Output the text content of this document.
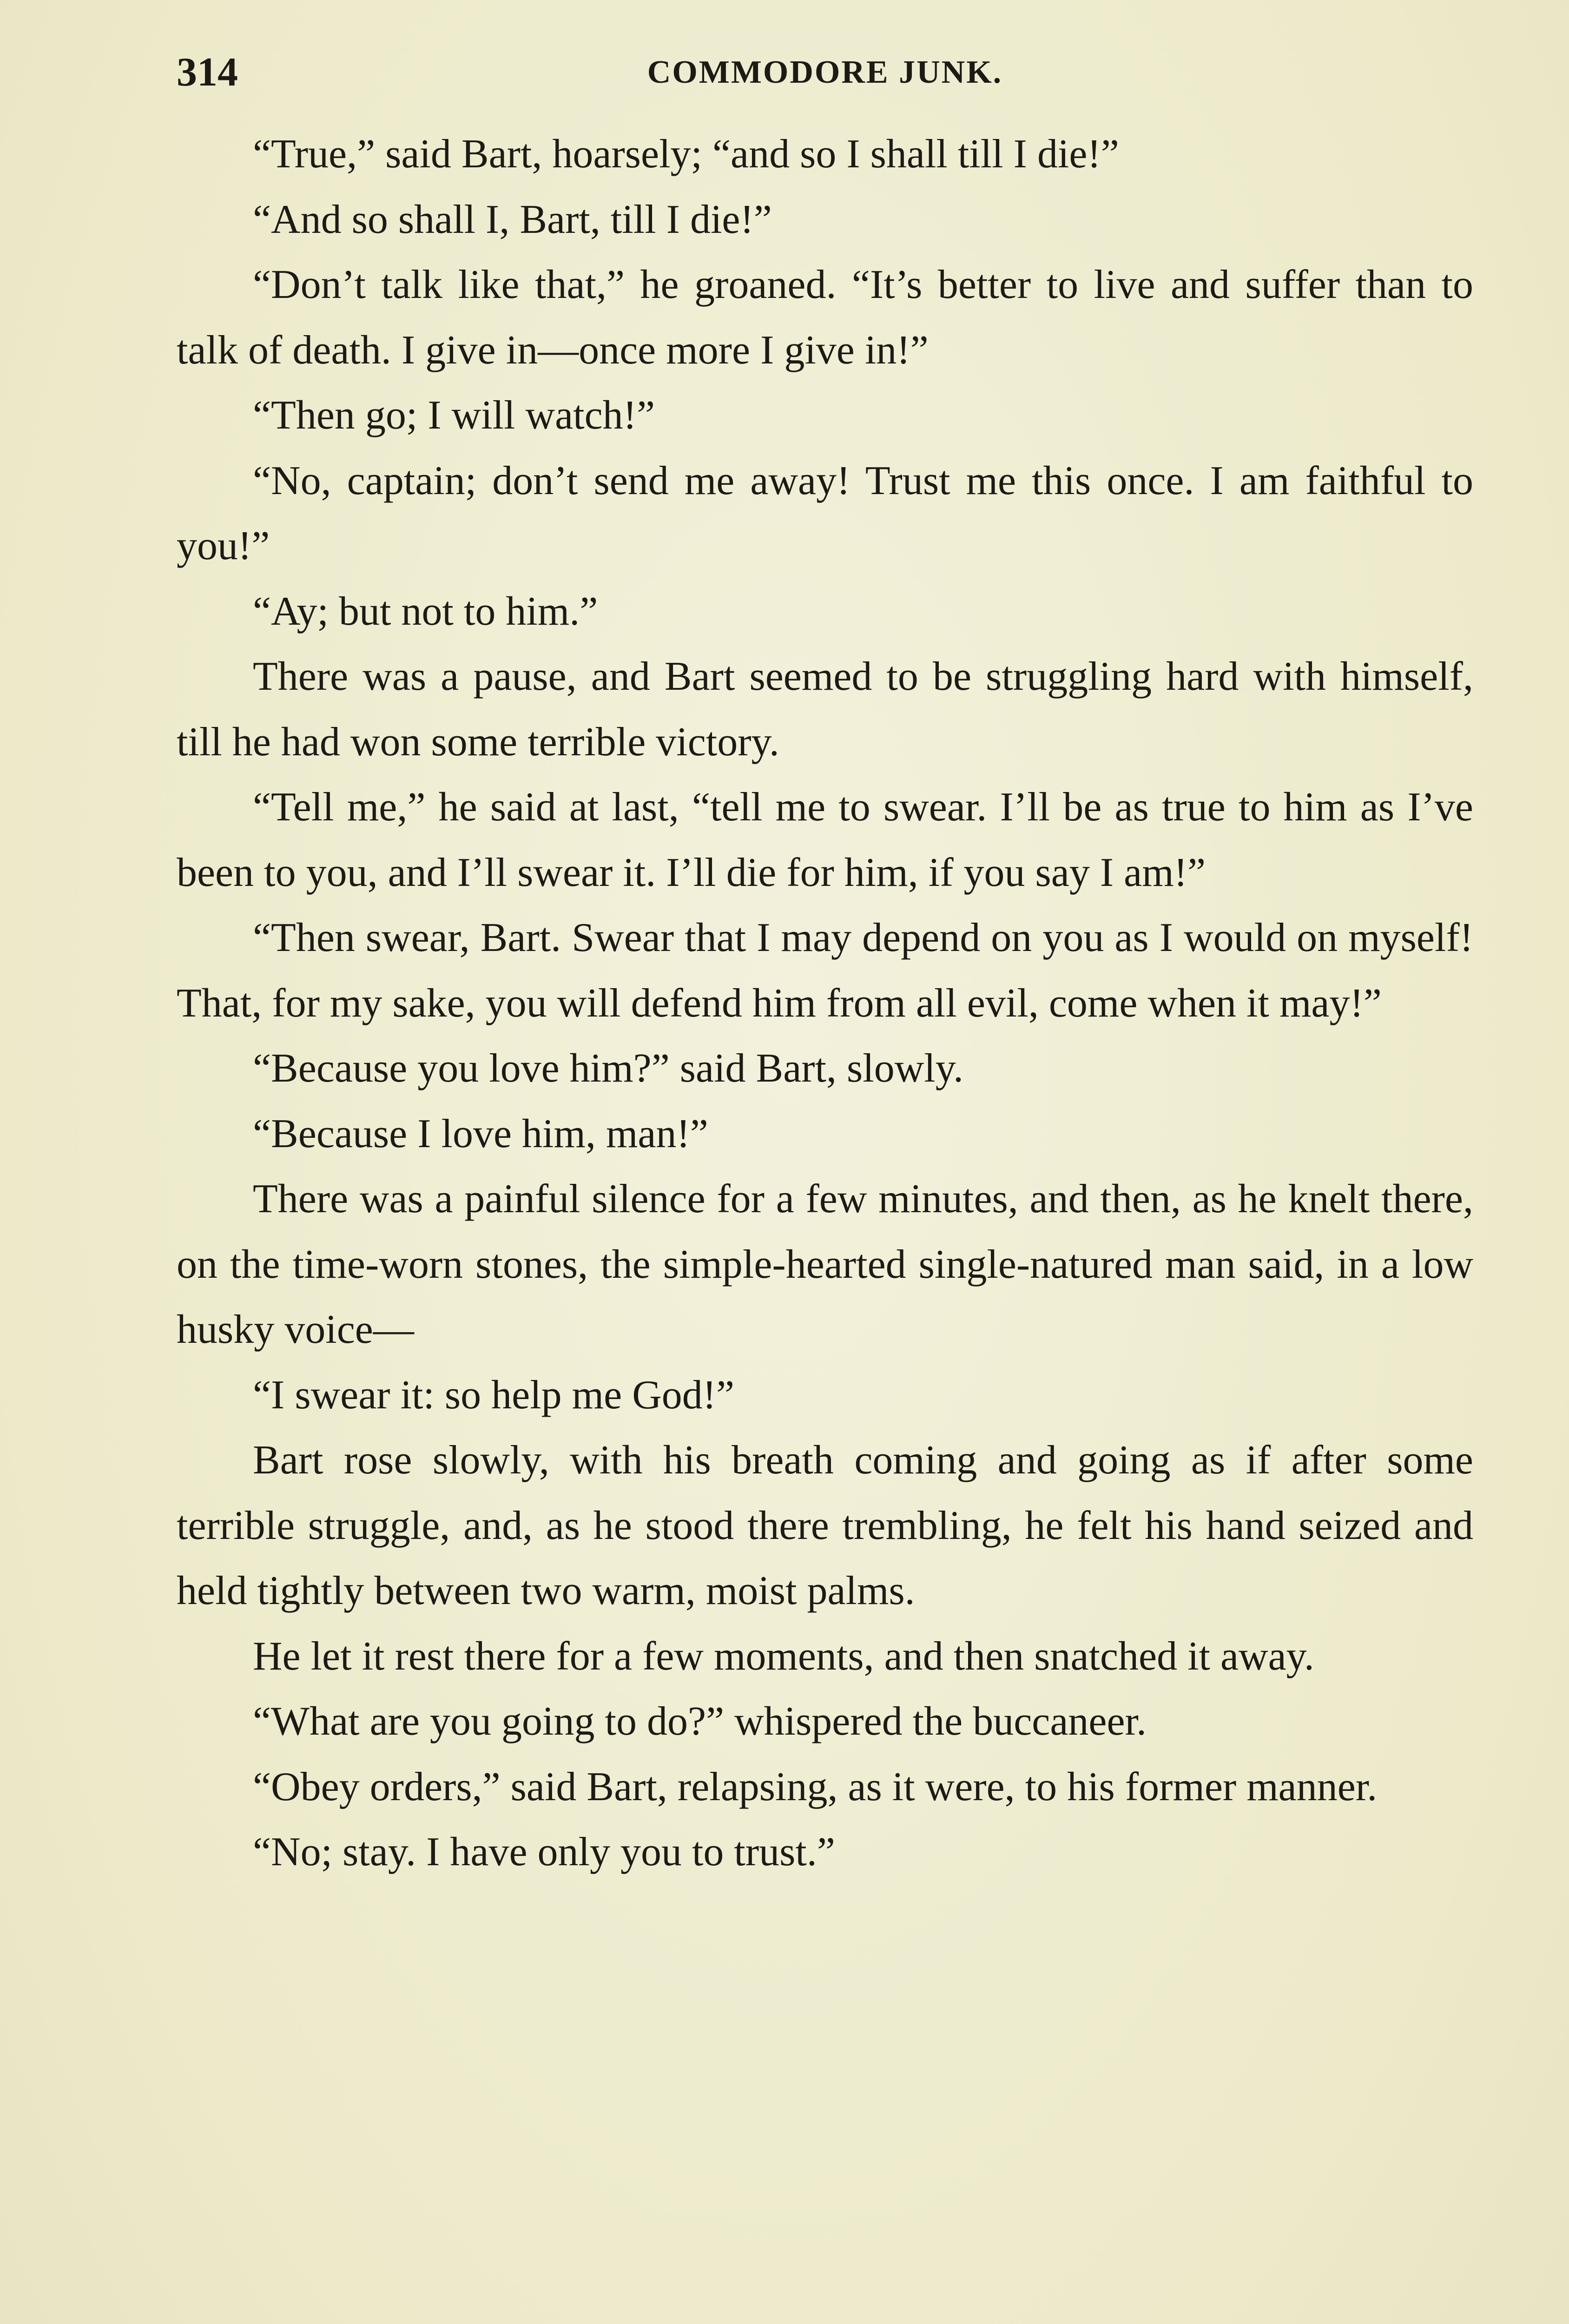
314	COMMODORE JUNK.

“True,” said Bart, hoarsely; “and so I shall till I die!”

“And so shall I, Bart, till I die!”

“Don’t talk like that,” he groaned. “It’s better to live and suffer than to talk of death. I give in—once more I give in!”

“Then go; I will watch!”

“No, captain; don’t send me away! Trust me this once. I am faithful to you!”

“Ay; but not to him.”

There was a pause, and Bart seemed to be struggling hard with himself, till he had won some terrible victory.

“Tell me,” he said at last, “tell me to swear. I’ll be as true to him as I’ve been to you, and I’ll swear it. I’ll die for him, if you say I am!”

“Then swear, Bart. Swear that I may depend on you as I would on myself! That, for my sake, you will defend him from all evil, come when it may!”

“Because you love him?” said Bart, slowly.

“Because I love him, man!”

There was a painful silence for a few minutes, and then, as he knelt there, on the time-worn stones, the simple-hearted single-natured man said, in a low husky voice—

“I swear it: so help me God!”

Bart rose slowly, with his breath coming and going as if after some terrible struggle, and, as he stood there trembling, he felt his hand seized and held tightly between two warm, moist palms.

He let it rest there for a few moments, and then snatched it away.

“What are you going to do?” whispered the buccaneer.

“Obey orders,” said Bart, relapsing, as it were, to his former manner.

“No; stay. I have only you to trust.”
